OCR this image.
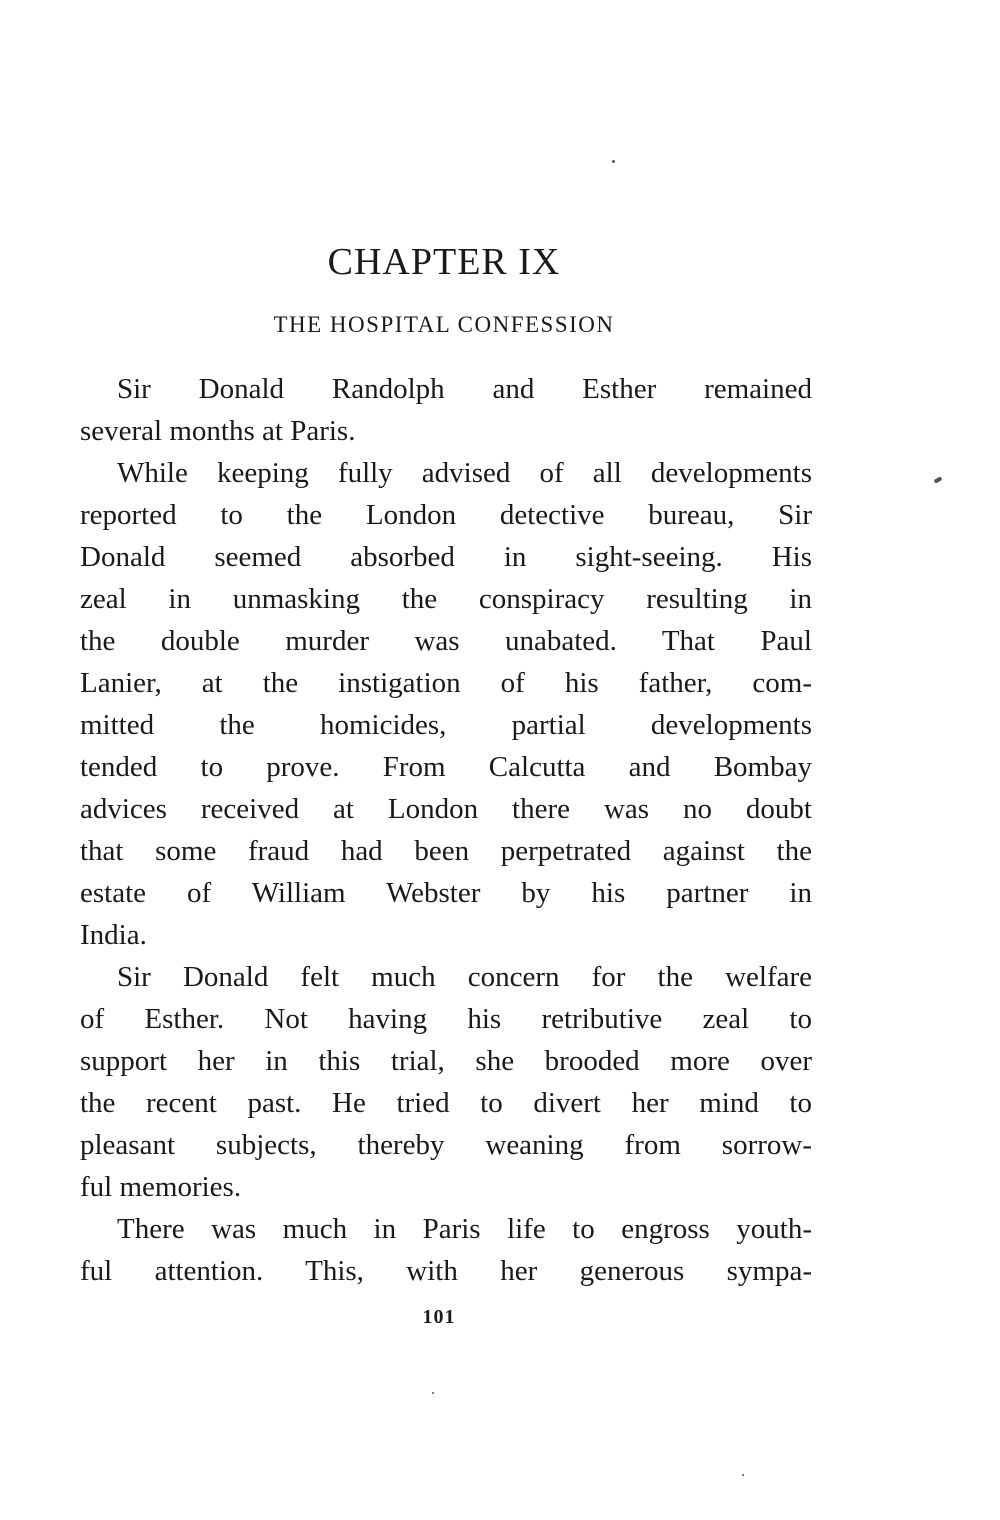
CHAPTER IX
THE HOSPITAL CONFESSION
Sir Donald Randolph and Esther remained
several months at Paris.
While keeping fully advised of all developments
reported to the London detective bureau, Sir
Donald seemed absorbed in sight-seeing. His
zeal in unmasking the conspiracy resulting in
the double murder was unabated. That Paul
Lanier, at the instigation of his father, com-
mitted the homicides, partial developments
tended to prove. From Calcutta and Bombay
advices received at London there was no doubt
that some fraud had been perpetrated against the
estate of William Webster by his partner in
India.
Sir Donald felt much concern for the welfare
of Esther. Not having his retributive zeal to
support her in this trial, she brooded more over
the recent past. He tried to divert her mind to
pleasant subjects, thereby weaning from sorrow-
ful memories.
There was much in Paris life to engross youth-
ful attention. This, with her generous sympa-
101
